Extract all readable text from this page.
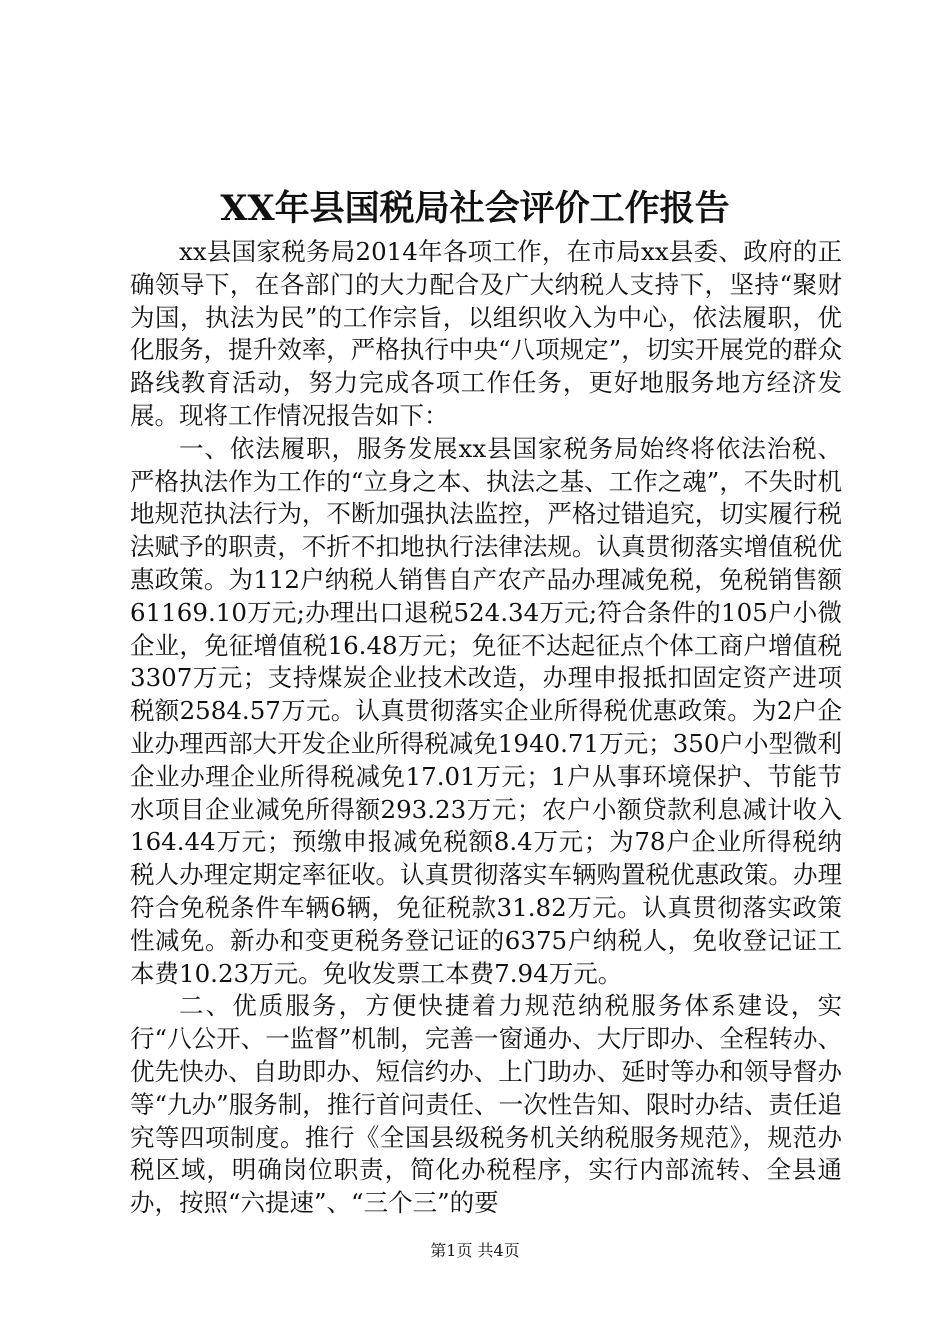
XX年县国税局社会评价工作报告

xx县国家税务局2014年各项工作，在市局xx县委、政府的正确领导下，在各部门的大力配合及广大纳税人支持下，坚持“聚财为国，执法为民”的工作宗旨，以组织收入为中心，依法履职，优化服务，提升效率，严格执行中央“八项规定”，切实开展党的群众路线教育活动，努力完成各项工作任务，更好地服务地方经济发展。现将工作情况报告如下：

一、依法履职，服务发展xx县国家税务局始终将依法治税、严格执法作为工作的“立身之本、执法之基、工作之魂”，不失时机地规范执法行为，不断加强执法监控，严格过错追究，切实履行税法赋予的职责，不折不扣地执行法律法规。认真贯彻落实增值税优惠政策。为112户纳税人销售自产农产品办理减免税，免税销售额61169.10万元;办理出口退税524.34万元;符合条件的105户小微企业，免征增值税16.48万元；免征不达起征点个体工商户增值税3307万元；支持煤炭企业技术改造，办理申报抵扣固定资产进项税额2584.57万元。认真贯彻落实企业所得税优惠政策。为2户企业办理西部大开发企业所得税减免1940.71万元；350户小型微利企业办理企业所得税减免17.01万元；1户从事环境保护、节能节水项目企业减免所得额293.23万元；农户小额贷款利息减计收入164.44万元；预缴申报减免税额8.4万元；为78户企业所得税纳税人办理定期定率征收。认真贯彻落实车辆购置税优惠政策。办理符合免税条件车辆6辆，免征税款31.82万元。认真贯彻落实政策性减免。新办和变更税务登记证的6375户纳税人，免收登记证工本费10.23万元。免收发票工本费7.94万元。

二、优质服务，方便快捷着力规范纳税服务体系建设，实行“八公开、一监督”机制，完善一窗通办、大厅即办、全程转办、优先快办、自助即办、短信约办、上门助办、延时等办和领导督办等“九办”服务制，推行首问责任、一次性告知、限时办结、责任追究等四项制度。推行《全国县级税务机关纳税服务规范》，规范办税区域，明确岗位职责，简化办税程序，实行内部流转、全县通办，按照“六提速”、“三个三”的要

第1页 共4页
